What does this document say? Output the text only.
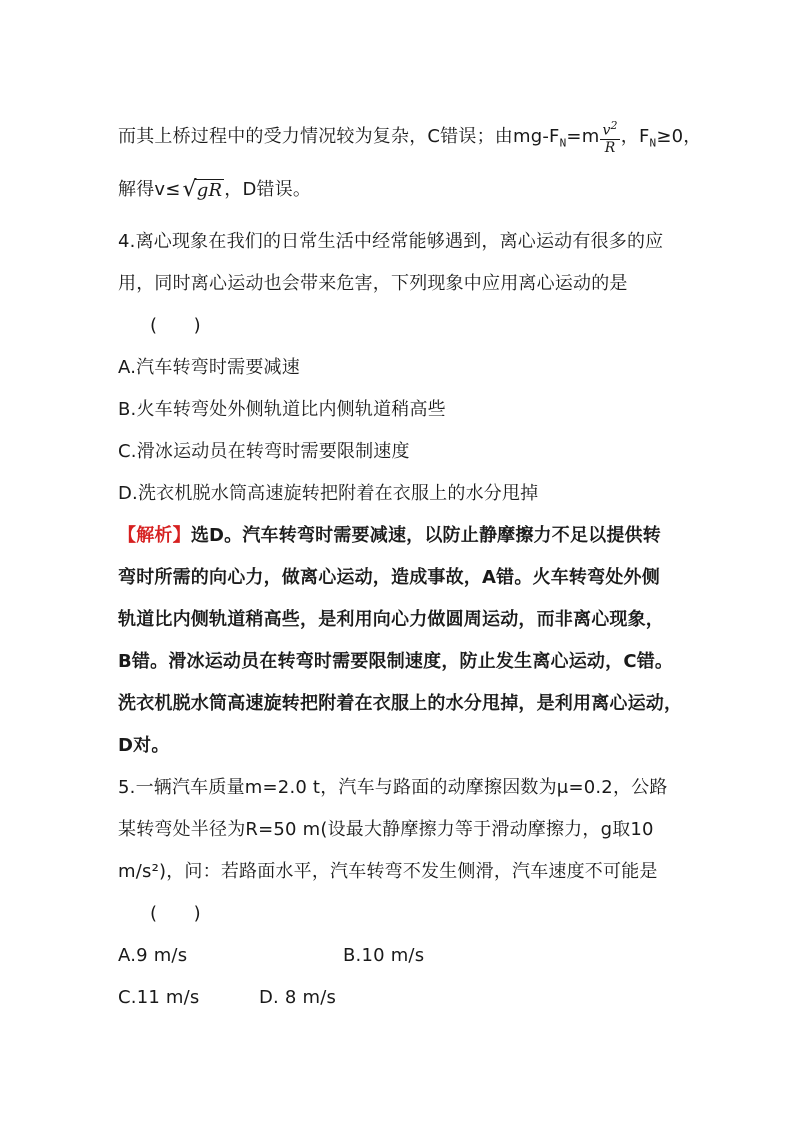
而其上桥过程中的受力情况较为复杂，C错误；由$mg-F_N=m \frac{v^2}{R}$ ，$F_N\ge 0$，
解得v≤√gR ，D错误。
4.离心现象在我们的日常生活中经常能够遇到，离心运动有很多的应
用，同时离心运动也会带来危害，下列现象中应用离心运动的是
(　　)
A.汽车转弯时需要减速
B.火车转弯处外侧轨道比内侧轨道稍高些
C.滑冰运动员在转弯时需要限制速度
D.洗衣机脱水筒高速旋转把附着在衣服上的水分甩掉
【解析】选D。汽车转弯时需要减速，以防止静摩擦力不足以提供转
弯时所需的向心力，做离心运动，造成事故，A错。火车转弯处外侧
轨道比内侧轨道稍高些，是利用向心力做圆周运动，而非离心现象，
B错。滑冰运动员在转弯时需要限制速度，防止发生离心运动，C错。
洗衣机脱水筒高速旋转把附着在衣服上的水分甩掉，是利用离心运动，
D对。
5.一辆汽车质量m=2.0 t，汽车与路面的动摩擦因数为μ=0.2，公路
某转弯处半径为R=50 m(设最大静摩擦力等于滑动摩擦力，g取10
m/s²)，问：若路面水平，汽车转弯不发生侧滑，汽车速度不可能是
(　　)
A.9 m/s	B.10 m/s
C.11 m/s	D. 8 m/s
